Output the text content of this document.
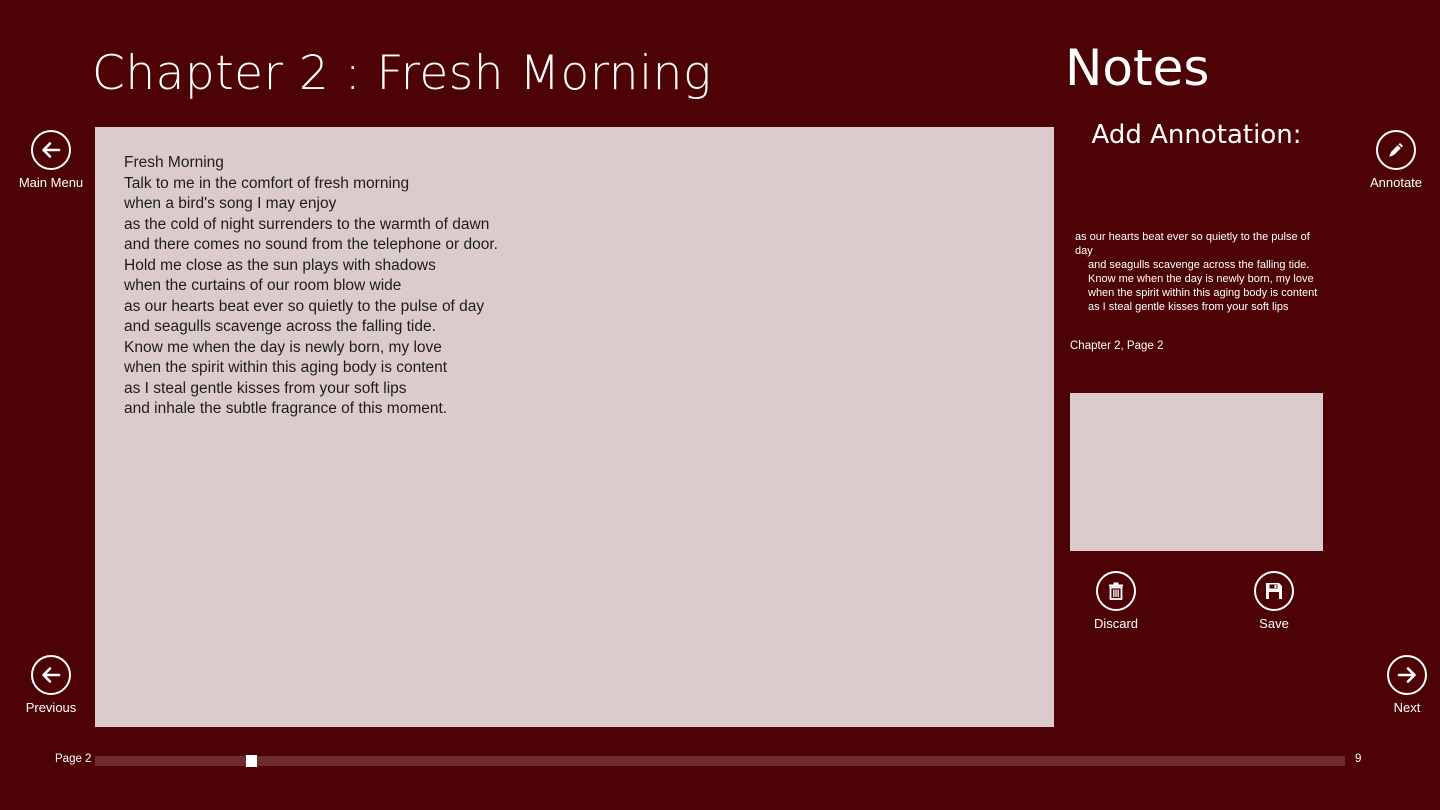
Chapter 2 : Fresh Morning
Main Menu
Previous
Fresh Morning
Talk to me in the comfort of fresh morning
when a bird's song I may enjoy
as the cold of night surrenders to the warmth of dawn
and there comes no sound from the telephone or door.
Hold me close as the sun plays with shadows
when the curtains of our room blow wide
as our hearts beat ever so quietly to the pulse of day
and seagulls scavenge across the falling tide.
Know me when the day is newly born, my love
when the spirit within this aging body is content
as I steal gentle kisses from your soft lips
and inhale the subtle fragrance of this moment.
Notes
Add Annotation:
as our hearts beat ever so quietly to the pulse of day
and seagulls scavenge across the falling tide.
Know me when the day is newly born, my love
when the spirit within this aging body is content
as I steal gentle kisses from your soft lips
Chapter 2, Page 2
Discard	Save
Annotate
Next
Page 2	9
